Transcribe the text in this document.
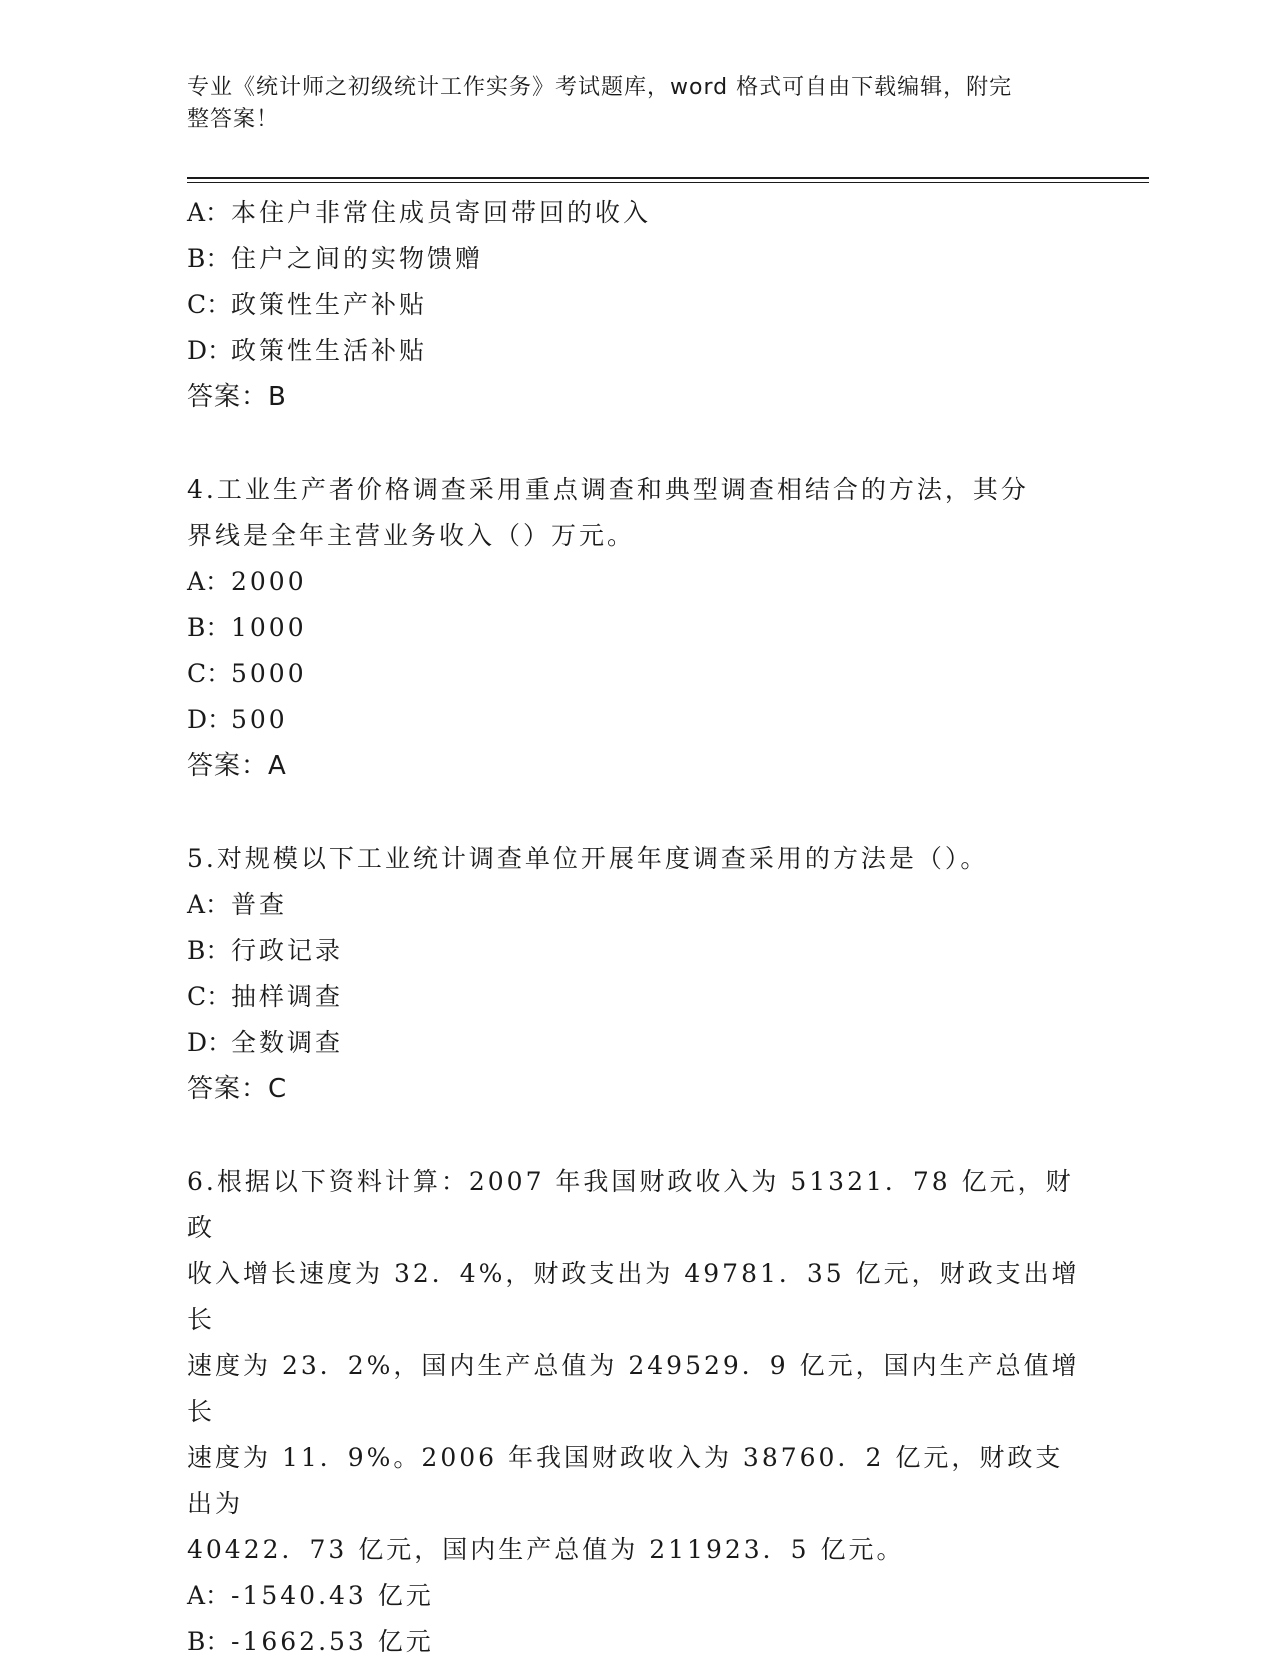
专业《统计师之初级统计工作实务》考试题库，word 格式可自由下载编辑，附完
整答案！
A：本住户非常住成员寄回带回的收入
B：住户之间的实物馈赠
C：政策性生产补贴
D：政策性生活补贴
答案：B
4.工业生产者价格调查采用重点调查和典型调查相结合的方法，其分
界线是全年主营业务收入（）万元。
A：2000
B：1000
C：5000
D：500
答案：A
5.对规模以下工业统计调查单位开展年度调查采用的方法是（）。
A：普查
B：行政记录
C：抽样调查
D：全数调查
答案：C
6.根据以下资料计算：2007 年我国财政收入为 51321．78 亿元，财政
收入增长速度为 32．4%，财政支出为 49781．35 亿元，财政支出增长
速度为 23．2%，国内生产总值为 249529．9 亿元，国内生产总值增长
速度为 11．9%。2006 年我国财政收入为 38760．2 亿元，财政支出为
40422．73 亿元，国内生产总值为 211923．5 亿元。
A：-1540.43 亿元
B：-1662.53 亿元
